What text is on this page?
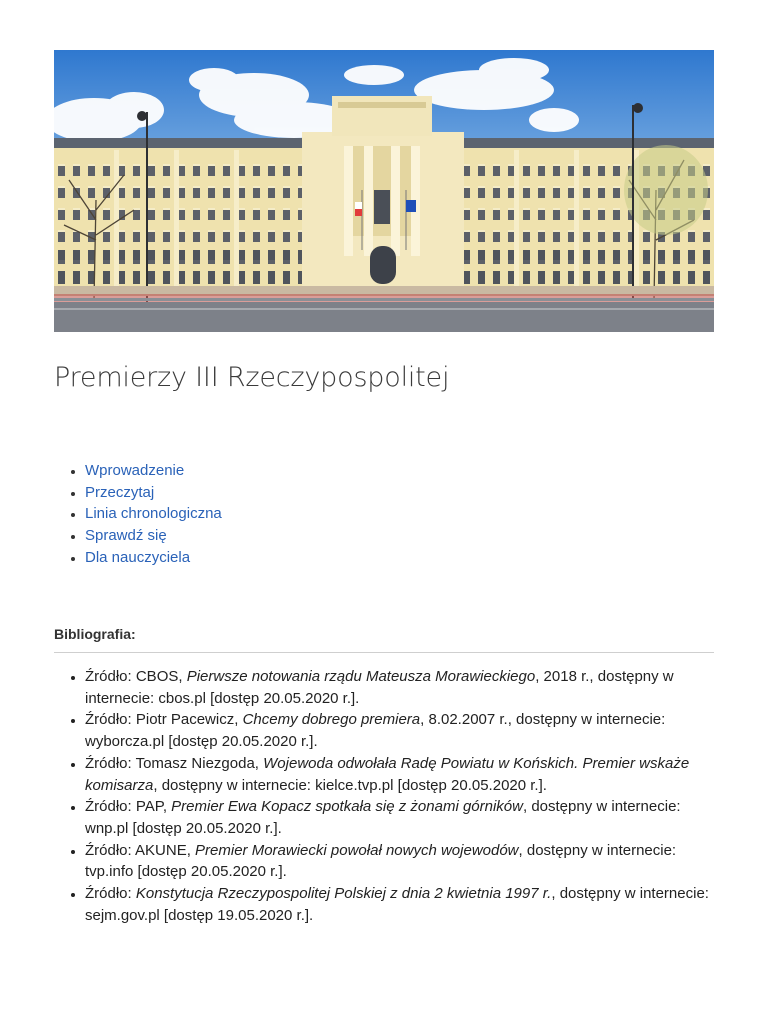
Premierzy III Rzeczypospolitej
• Wprowadzenie
• Przeczytaj
• Linia chronologiczna
• Sprawdź się
• Dla nauczyciela
Bibliografia:
• Źródło: CBOS, Pierwsze notowania rządu Mateusza Morawieckiego, 2018 r., dostępny w internecie: cbos.pl [dostęp 20.05.2020 r.].
• Źródło: Piotr Pacewicz, Chcemy dobrego premiera, 8.02.2007 r., dostępny w internecie: wyborcza.pl [dostęp 20.05.2020 r.].
• Źródło: Tomasz Niezgoda, Wojewoda odwołała Radę Powiatu w Końskich. Premier wskaże komisarza, dostępny w internecie: kielce.tvp.pl [dostęp 20.05.2020 r.].
• Źródło: PAP, Premier Ewa Kopacz spotkała się z żonami górników, dostępny w internecie: wnp.pl [dostęp 20.05.2020 r.].
• Źródło: AKUNE, Premier Morawiecki powołał nowych wojewodów, dostępny w internecie: tvp.info [dostęp 20.05.2020 r.].
• Źródło: Konstytucja Rzeczypospolitej Polskiej z dnia 2 kwietnia 1997 r., dostępny w internecie: sejm.gov.pl [dostęp 19.05.2020 r.].
